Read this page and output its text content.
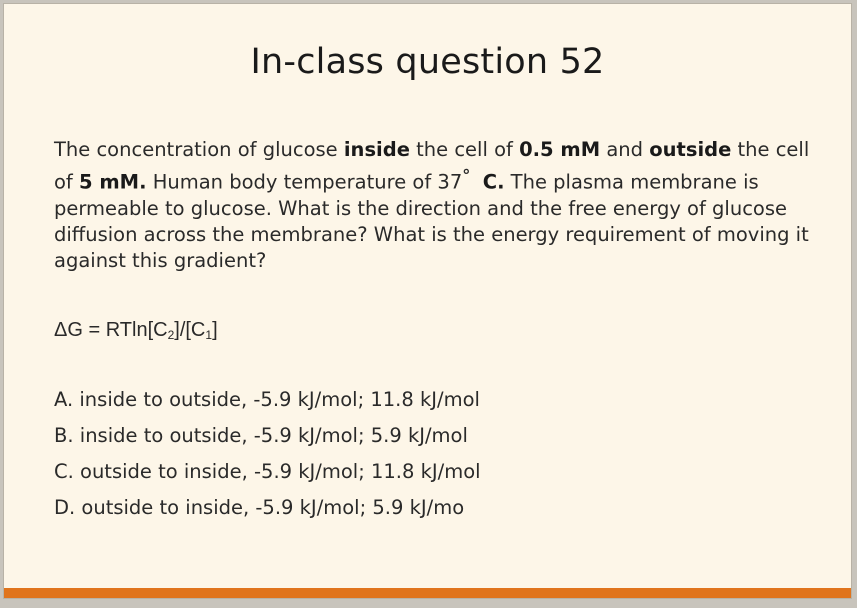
In-class question 52
The concentration of glucose inside the cell of 0.5 mM and outside the cell of 5 mM. Human body temperature of 37° C. The plasma membrane is permeable to glucose. What is the direction and the free energy of glucose diffusion across the membrane? What is the energy requirement of moving it against this gradient?
$\Delta G = RTln[C_2]/[C_1]$
A. inside to outside, -5.9 kJ/mol; 11.8 kJ/mol
B. inside to outside, -5.9 kJ/mol; 5.9 kJ/mol
C. outside to inside, -5.9 kJ/mol; 11.8 kJ/mol
D. outside to inside, -5.9 kJ/mol; 5.9 kJ/mo
